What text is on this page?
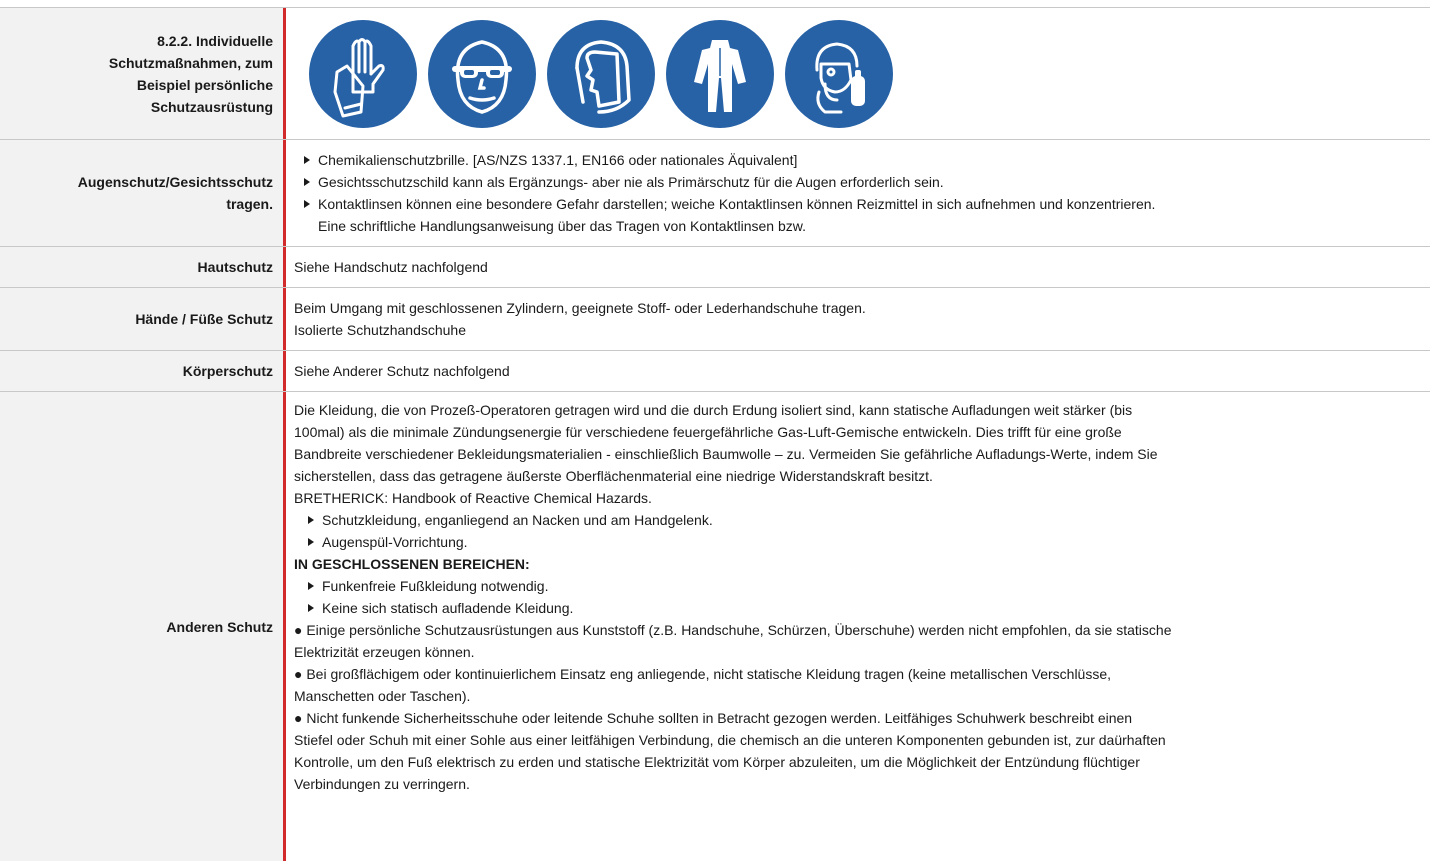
8.2.2. Individuelle
Schutzmaßnahmen, zum
Beispiel persönliche
Schutzausrüstung
Augenschutz/Gesichtsschutz
tragen.
Chemikalienschutzbrille. [AS/NZS 1337.1, EN166 oder nationales Äquivalent]
Gesichtsschutzschild kann als Ergänzungs- aber nie als Primärschutz für die Augen erforderlich sein.
Kontaktlinsen können eine besondere Gefahr darstellen; weiche Kontaktlinsen können Reizmittel in sich aufnehmen und konzentrieren.
Eine schriftliche Handlungsanweisung über das Tragen von Kontaktlinsen bzw.
Hautschutz	Siehe Handschutz nachfolgend
Hände / Füße Schutz
Beim Umgang mit geschlossenen Zylindern, geeignete Stoff- oder Lederhandschuhe tragen.
Isolierte Schutzhandschuhe
Körperschutz	Siehe Anderer Schutz nachfolgend
Anderen Schutz
Die Kleidung, die von Prozeß-Operatoren getragen wird und die durch Erdung isoliert sind, kann statische Aufladungen weit stärker (bis
100mal) als die minimale Zündungsenergie für verschiedene feuergefährliche Gas-Luft-Gemische entwickeln. Dies trifft für eine große
Bandbreite verschiedener Bekleidungsmaterialien - einschließlich Baumwolle – zu. Vermeiden Sie gefährliche Aufladungs-Werte, indem Sie
sicherstellen, dass das getragene äußerste Oberflächenmaterial eine niedrige Widerstandskraft besitzt.
BRETHERICK: Handbook of Reactive Chemical Hazards.
Schutzkleidung, enganliegend an Nacken und am Handgelenk.
Augenspül-Vorrichtung.
IN GESCHLOSSENEN BEREICHEN:
Funkenfreie Fußkleidung notwendig.
Keine sich statisch aufladende Kleidung.
● Einige persönliche Schutzausrüstungen aus Kunststoff (z.B. Handschuhe, Schürzen, Überschuhe) werden nicht empfohlen, da sie statische
Elektrizität erzeugen können.
● Bei großflächigem oder kontinuierlichem Einsatz eng anliegende, nicht statische Kleidung tragen (keine metallischen Verschlüsse,
Manschetten oder Taschen).
● Nicht funkende Sicherheitsschuhe oder leitende Schuhe sollten in Betracht gezogen werden. Leitfähiges Schuhwerk beschreibt einen
Stiefel oder Schuh mit einer Sohle aus einer leitfähigen Verbindung, die chemisch an die unteren Komponenten gebunden ist, zur daürhaften
Kontrolle, um den Fuß elektrisch zu erden und statische Elektrizität vom Körper abzuleiten, um die Möglichkeit der Entzündung flüchtiger
Verbindungen zu verringern.
